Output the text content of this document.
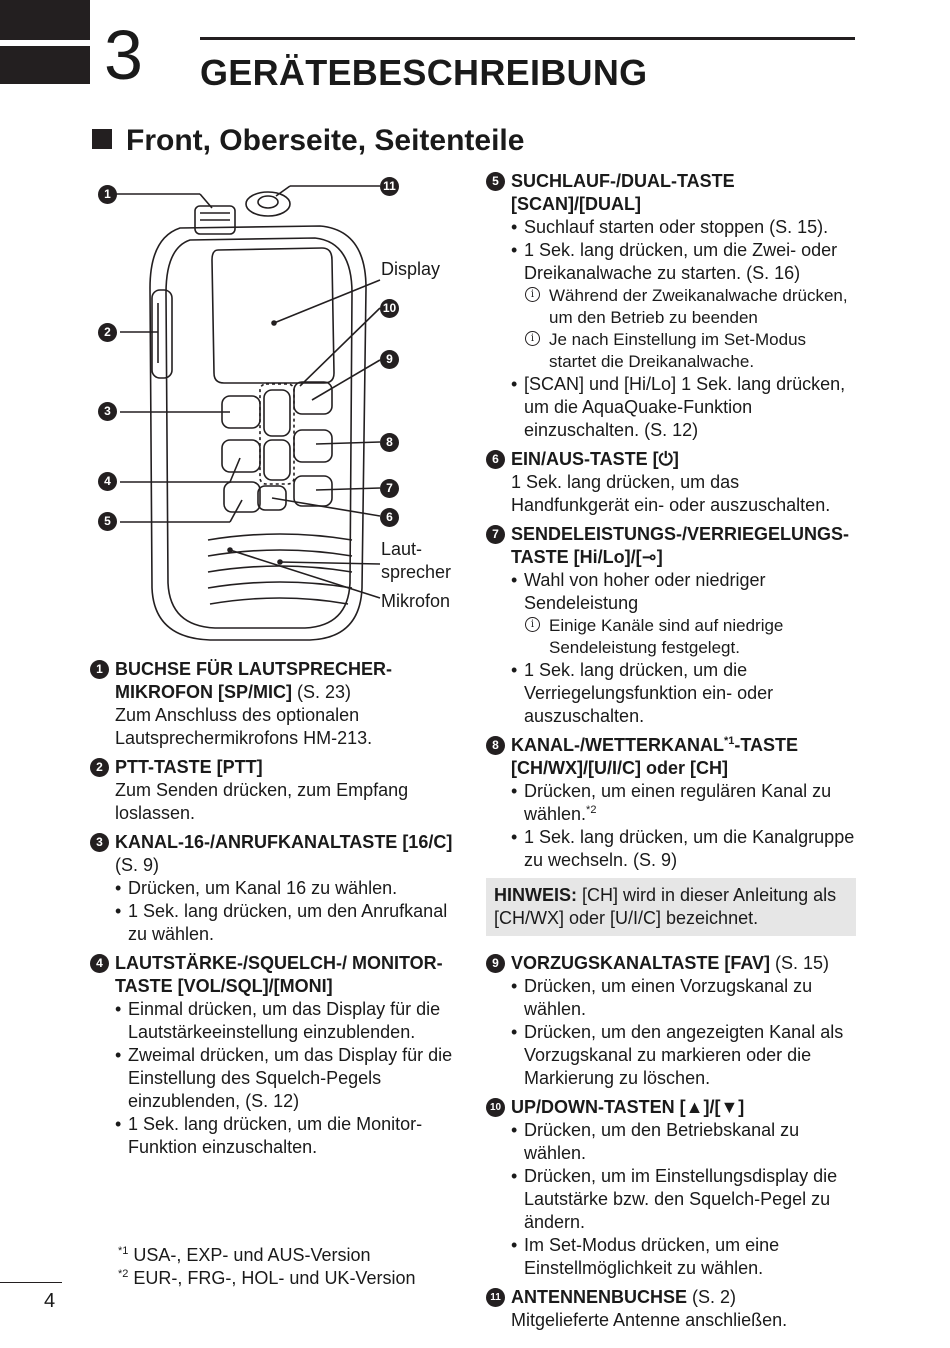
3 GERÄTEBESCHREIBUNG
Front, Oberseite, Seitenteile
1
11
2
3
4
5
10
9
8
7
6
Display
Laut-
sprecher
Mikrofon
1 BUCHSE FÜR LAUTSPRECHER-MIKROFON [SP/MIC] (S. 23)
Zum Anschluss des optionalen Lautsprechermikrofons HM-213.
2 PTT-TASTE [PTT]
Zum Senden drücken, zum Empfang loslassen.
3 KANAL-16-/ANRUFKANALTASTE [16/C] (S. 9)
• Drücken, um Kanal 16 zu wählen.
• 1 Sek. lang drücken, um den Anrufkanal zu wählen.
4 LAUTSTÄRKE-/SQUELCH-/ MONITOR-TASTE [VOL/SQL]/[MONI]
• Einmal drücken, um das Display für die Lautstärkeeinstellung einzublenden.
• Zweimal drücken, um das Display für die Einstellung des Squelch-Pegels einzublenden, (S. 12)
• 1 Sek. lang drücken, um die Monitor-Funktion einzuschalten.
$^{*1}$ USA-, EXP- und AUS-Version
$^{*2}$ EUR-, FRG-, HOL- und UK-Version
5 SUCHLAUF-/DUAL-TASTE [SCAN]/[DUAL]
• Suchlauf starten oder stoppen (S. 15).
• 1 Sek. lang drücken, um die Zwei- oder Dreikanalwache zu starten. (S. 16)
i Während der Zweikanalwache drücken, um den Betrieb zu beenden
i Je nach Einstellung im Set-Modus startet die Dreikanalwache.
• [SCAN] und [Hi/Lo] 1 Sek. lang drücken, um die AquaQuake-Funktion einzuschalten. (S. 12)
6 EIN/AUS-TASTE [⏻]
1 Sek. lang drücken, um das Handfunkgerät ein- oder auszuschalten.
7 SENDELEISTUNGS-/VERRIEGELUNGS-TASTE [Hi/Lo]/[⊸]
• Wahl von hoher oder niedriger Sendeleistung
i Einige Kanäle sind auf niedrige Sendeleistung festgelegt.
• 1 Sek. lang drücken, um die Verriegelungsfunktion ein- oder auszuschalten.
8 KANAL-/WETTERKANAL$^{*1}$-TASTE [CH/WX]/[U/I/C] oder [CH]
• Drücken, um einen regulären Kanal zu wählen.$^{*2}$
• 1 Sek. lang drücken, um die Kanalgruppe zu wechseln. (S. 9)
HINWEIS: [CH] wird in dieser Anleitung als [CH/WX] oder [U/I/C] bezeichnet.
9 VORZUGSKANALTASTE [FAV] (S. 15)
• Drücken, um einen Vorzugskanal zu wählen.
• Drücken, um den angezeigten Kanal als Vorzugskanal zu markieren oder die Markierung zu löschen.
10 UP/DOWN-TASTEN [▲]/[▼]
• Drücken, um den Betriebskanal zu wählen.
• Drücken, um im Einstellungsdisplay die Lautstärke bzw. den Squelch-Pegel zu ändern.
• Im Set-Modus drücken, um eine Einstellmöglichkeit zu wählen.
11 ANTENNENBUCHSE (S. 2)
Mitgelieferte Antenne anschließen.
4
